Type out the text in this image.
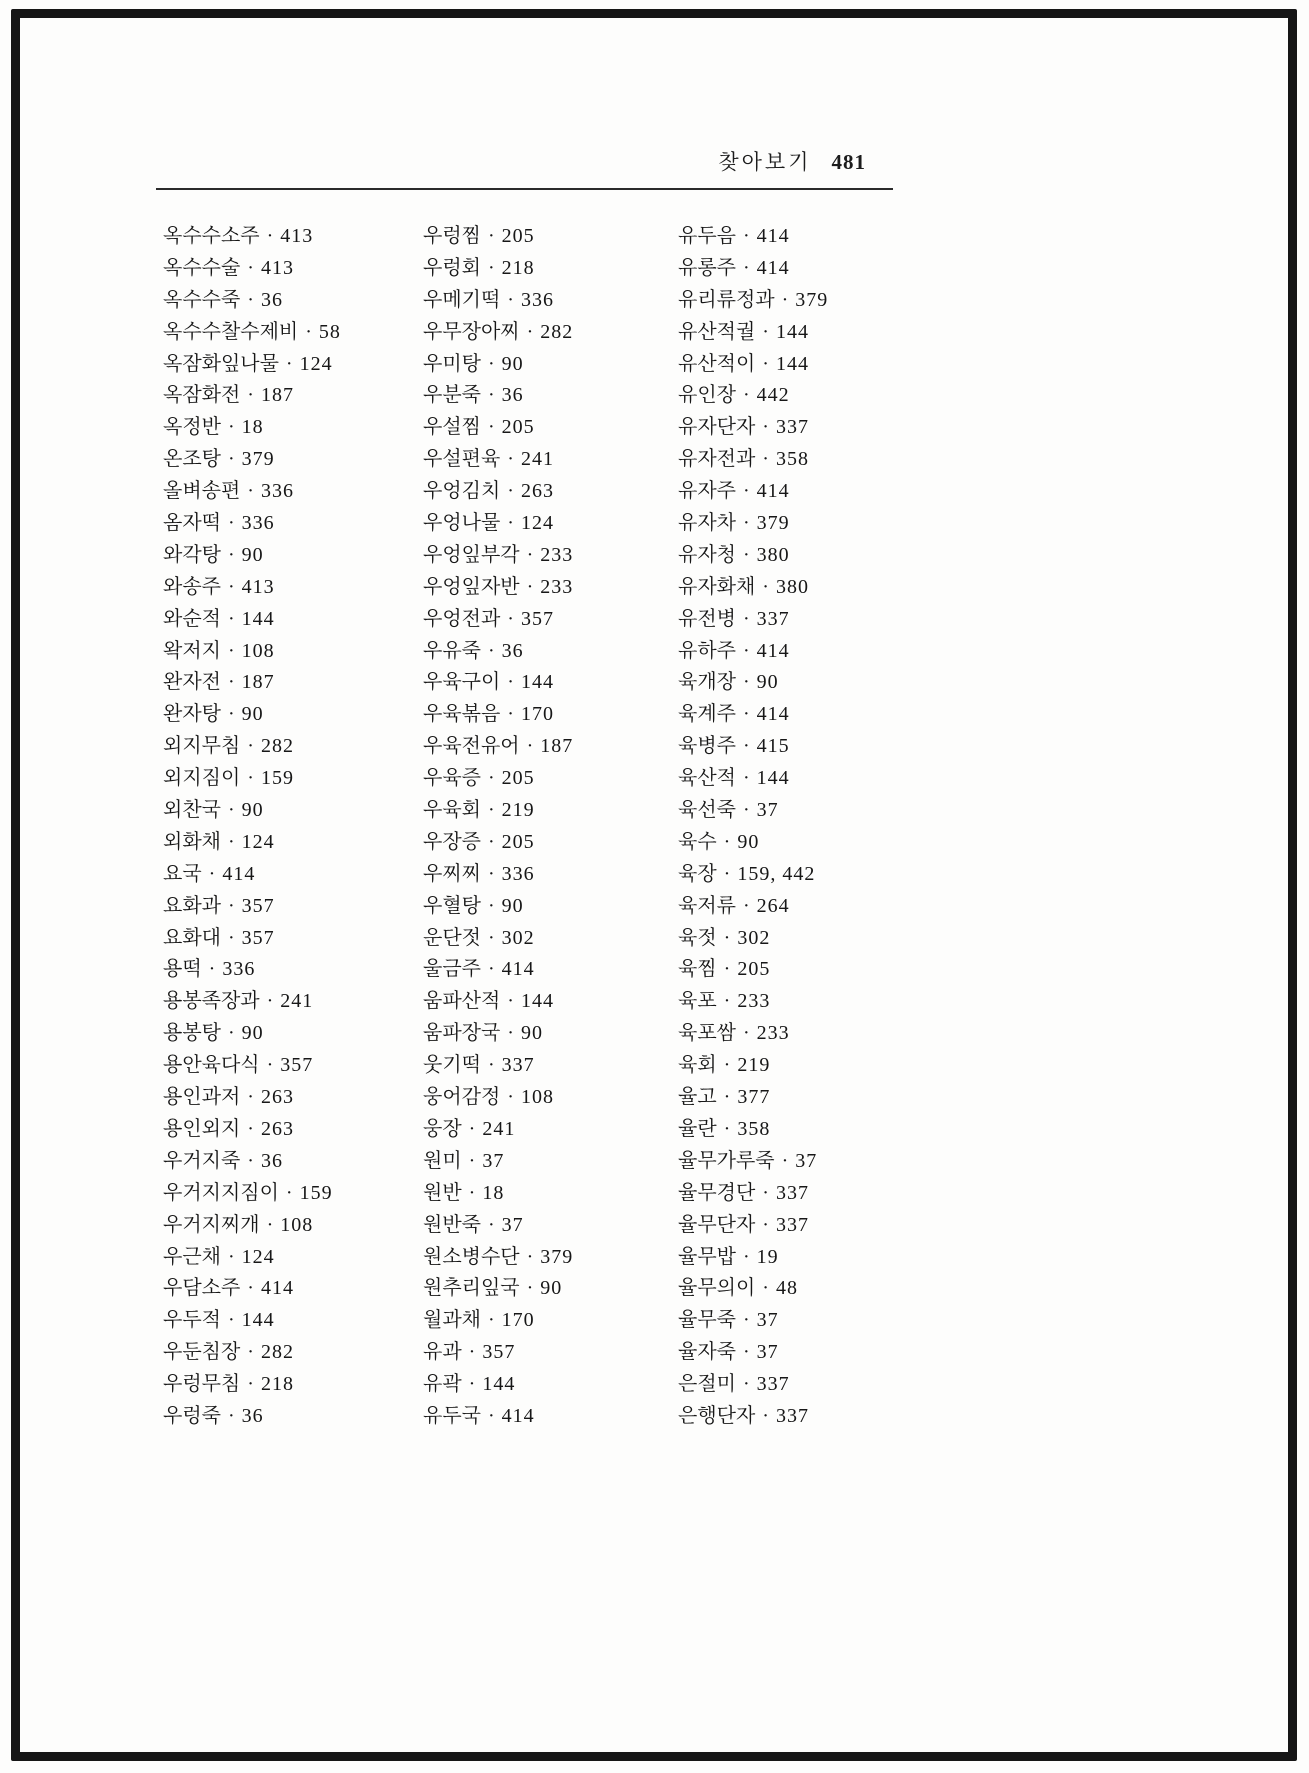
찾아보기 481
옥수수소주 · 413
옥수수술 · 413
옥수수죽 · 36
옥수수찰수제비 · 58
옥잠화잎나물 · 124
옥잠화전 · 187
옥정반 · 18
온조탕 · 379
올벼송편 · 336
옴자떡 · 336
와각탕 · 90
와송주 · 413
와순적 · 144
왁저지 · 108
완자전 · 187
완자탕 · 90
외지무침 · 282
외지짐이 · 159
외찬국 · 90
외화채 · 124
요국 · 414
요화과 · 357
요화대 · 357
용떡 · 336
용봉족장과 · 241
용봉탕 · 90
용안육다식 · 357
용인과저 · 263
용인외지 · 263
우거지죽 · 36
우거지지짐이 · 159
우거지찌개 · 108
우근채 · 124
우담소주 · 414
우두적 · 144
우둔침장 · 282
우렁무침 · 218
우렁죽 · 36
우렁찜 · 205
우렁회 · 218
우메기떡 · 336
우무장아찌 · 282
우미탕 · 90
우분죽 · 36
우설찜 · 205
우설편육 · 241
우엉김치 · 263
우엉나물 · 124
우엉잎부각 · 233
우엉잎자반 · 233
우엉전과 · 357
우유죽 · 36
우육구이 · 144
우육볶음 · 170
우육전유어 · 187
우육증 · 205
우육회 · 219
우장증 · 205
우찌찌 · 336
우혈탕 · 90
운단젓 · 302
울금주 · 414
움파산적 · 144
움파장국 · 90
웃기떡 · 337
웅어감정 · 108
웅장 · 241
원미 · 37
원반 · 18
원반죽 · 37
원소병수단 · 379
원추리잎국 · 90
월과채 · 170
유과 · 357
유곽 · 144
유두국 · 414
유두음 · 414
유롱주 · 414
유리류정과 · 379
유산적궐 · 144
유산적이 · 144
유인장 · 442
유자단자 · 337
유자전과 · 358
유자주 · 414
유자차 · 379
유자청 · 380
유자화채 · 380
유전병 · 337
유하주 · 414
육개장 · 90
육계주 · 414
육병주 · 415
육산적 · 144
육선죽 · 37
육수 · 90
육장 · 159, 442
육저류 · 264
육젓 · 302
육찜 · 205
육포 · 233
육포쌈 · 233
육회 · 219
율고 · 377
율란 · 358
율무가루죽 · 37
율무경단 · 337
율무단자 · 337
율무밥 · 19
율무의이 · 48
율무죽 · 37
율자죽 · 37
은절미 · 337
은행단자 · 337
